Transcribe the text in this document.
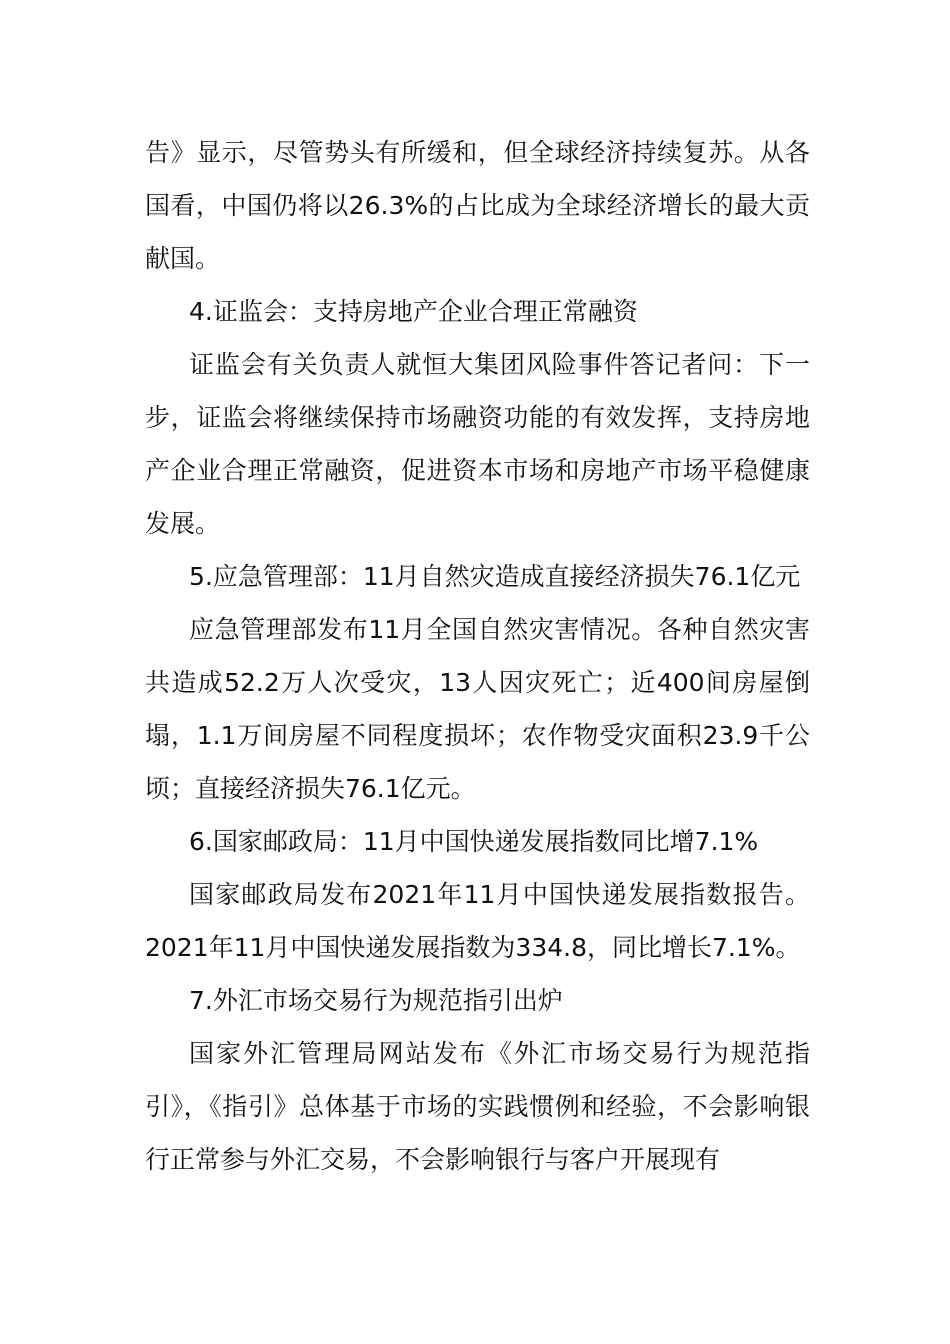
告》显示，尽管势头有所缓和，但全球经济持续复苏。从各国看，中国仍将以26.3%的占比成为全球经济增长的最大贡献国。

4.证监会：支持房地产企业合理正常融资

证监会有关负责人就恒大集团风险事件答记者问：下一步，证监会将继续保持市场融资功能的有效发挥，支持房地产企业合理正常融资，促进资本市场和房地产市场平稳健康发展。

5.应急管理部：11月自然灾造成直接经济损失76.1亿元

应急管理部发布11月全国自然灾害情况。各种自然灾害共造成52.2万人次受灾，13人因灾死亡；近400间房屋倒塌，1.1万间房屋不同程度损坏；农作物受灾面积23.9千公顷；直接经济损失76.1亿元。

6.国家邮政局：11月中国快递发展指数同比增7.1%

国家邮政局发布2021年11月中国快递发展指数报告。2021年11月中国快递发展指数为334.8，同比增长7.1%。

7.外汇市场交易行为规范指引出炉

国家外汇管理局网站发布《外汇市场交易行为规范指引》，《指引》总体基于市场的实践惯例和经验，不会影响银行正常参与外汇交易，不会影响银行与客户开展现有
